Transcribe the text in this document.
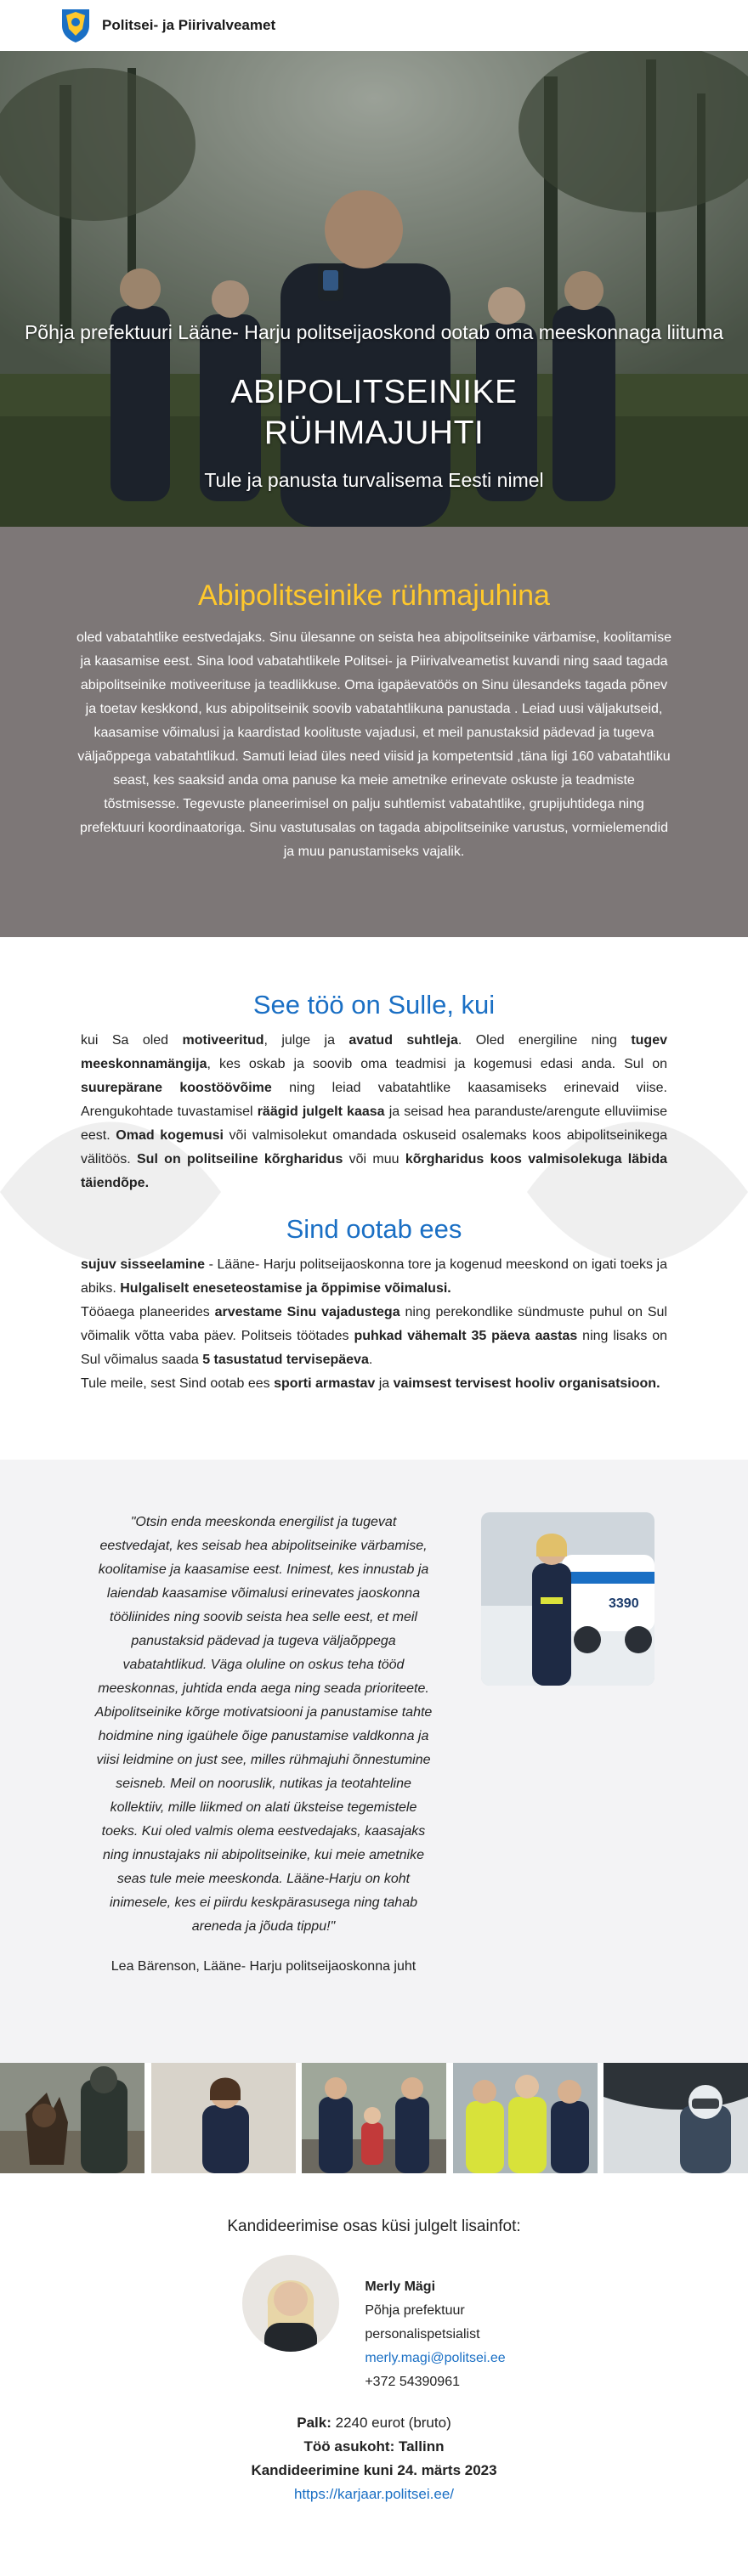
Politsei- ja Piirivalveamet
Põhja prefektuuri Lääne- Harju politseijaoskond ootab oma meeskonnaga liituma
ABIPOLITSEINIKE
RÜHMAJUHTI
Tule ja panusta turvalisema Eesti nimel
Abipolitseinike rühmajuhina

oled vabatahtlike eestvedajaks. Sinu ülesanne on seista hea abipolitseinike värbamise, koolitamise ja kaasamise eest. Sina lood vabatahtlikele Politsei- ja Piirivalveametist kuvandi ning saad tagada abipolitseinike motiveerituse ja teadlikkuse. Oma igapäevatöös on Sinu ülesandeks tagada põnev ja toetav keskkond, kus abipolitseinik soovib vabatahtlikuna panustada . Leiad uusi väljakutseid, kaasamise võimalusi ja kaardistad koolituste vajadusi, et meil panustaksid pädevad ja tugeva väljaõppega vabatahtlikud. Samuti leiad üles need viisid ja kompetentsid ,täna ligi 160 vabatahtliku seast, kes saaksid anda oma panuse ka meie ametnike erinevate oskuste ja teadmiste tõstmisesse. Tegevuste planeerimisel on palju suhtlemist vabatahtlike, grupijuhtidega ning prefektuuri koordinaatoriga. Sinu vastutusalas on tagada abipolitseinike varustus, vormielemendid ja muu panustamiseks vajalik.

See töö on Sulle, kui
kui Sa oled motiveeritud, julge ja avatud suhtleja. Oled energiline ning tugev meeskonnamängija, kes oskab ja soovib oma teadmisi ja kogemusi edasi anda. Sul on suurepärane koostöövõime ning leiad vabatahtlike kaasamiseks erinevaid viise. Arengukohtade tuvastamisel räägid julgelt kaasa ja seisad hea paranduste/arengute elluviimise eest. Omad kogemusi või valmisolekut omandada oskuseid osalemaks koos abipolitseinikega välitöös. Sul on politseiline kõrgharidus või muu kõrgharidus koos valmisolekuga läbida täiendõpe.
Sind ootab ees
sujuv sisseelamine - Lääne- Harju politseijaoskonna tore ja kogenud meeskond on igati toeks ja abiks. Hulgaliselt eneseteostamise ja õppimise võimalusi.
Tööaega planeerides arvestame Sinu vajadustega ning perekondlike sündmuste puhul on Sul võimalik võtta vaba päev. Politseis töötades puhkad vähemalt 35 päeva aastas ning lisaks on Sul võimalus saada 5 tasustatud tervisepäeva.
Tule meile, sest Sind ootab ees sporti armastav ja vaimsest tervisest hooliv organisatsioon.
"Otsin enda meeskonda energilist ja tugevat eestvedajat, kes seisab hea abipolitseinike värbamise, koolitamise ja kaasamise eest. Inimest, kes innustab ja laiendab kaasamise võimalusi erinevates jaoskonna tööliinides ning soovib seista hea selle eest, et meil panustaksid pädevad ja tugeva väljaõppega vabatahtlikud. Väga oluline on oskus teha tööd meeskonnas, juhtida enda aega ning seada prioriteete. Abipolitseinike kõrge motivatsiooni ja panustamise tahte hoidmine ning igaühele õige panustamise valdkonna ja viisi leidmine on just see, milles rühmajuhi õnnestumine seisneb. Meil on nooruslik, nutikas ja teotahteline kollektiiv, mille liikmed on alati üksteise tegemistele toeks. Kui oled valmis olema eestvedajaks, kaasajaks ning innustajaks nii abipolitseinike, kui meie ametnike seas tule meie meeskonda. Lääne-Harju on koht inimesele, kes ei piirdu keskpärasusega ning tahab areneda ja jõuda tippu!"
Lea Bärenson, Lääne- Harju politseijaoskonna juht
3390
Kandideerimise osas küsi julgelt lisainfot:
Merly Mägi
Põhja prefektuur
personalispetsialist
merly.magi@politsei.ee
+372 54390961
Palk: 2240 eurot (bruto)
Töö asukoht: Tallinn
Kandideerimine kuni 24. märts 2023
https://karjaar.politsei.ee/
